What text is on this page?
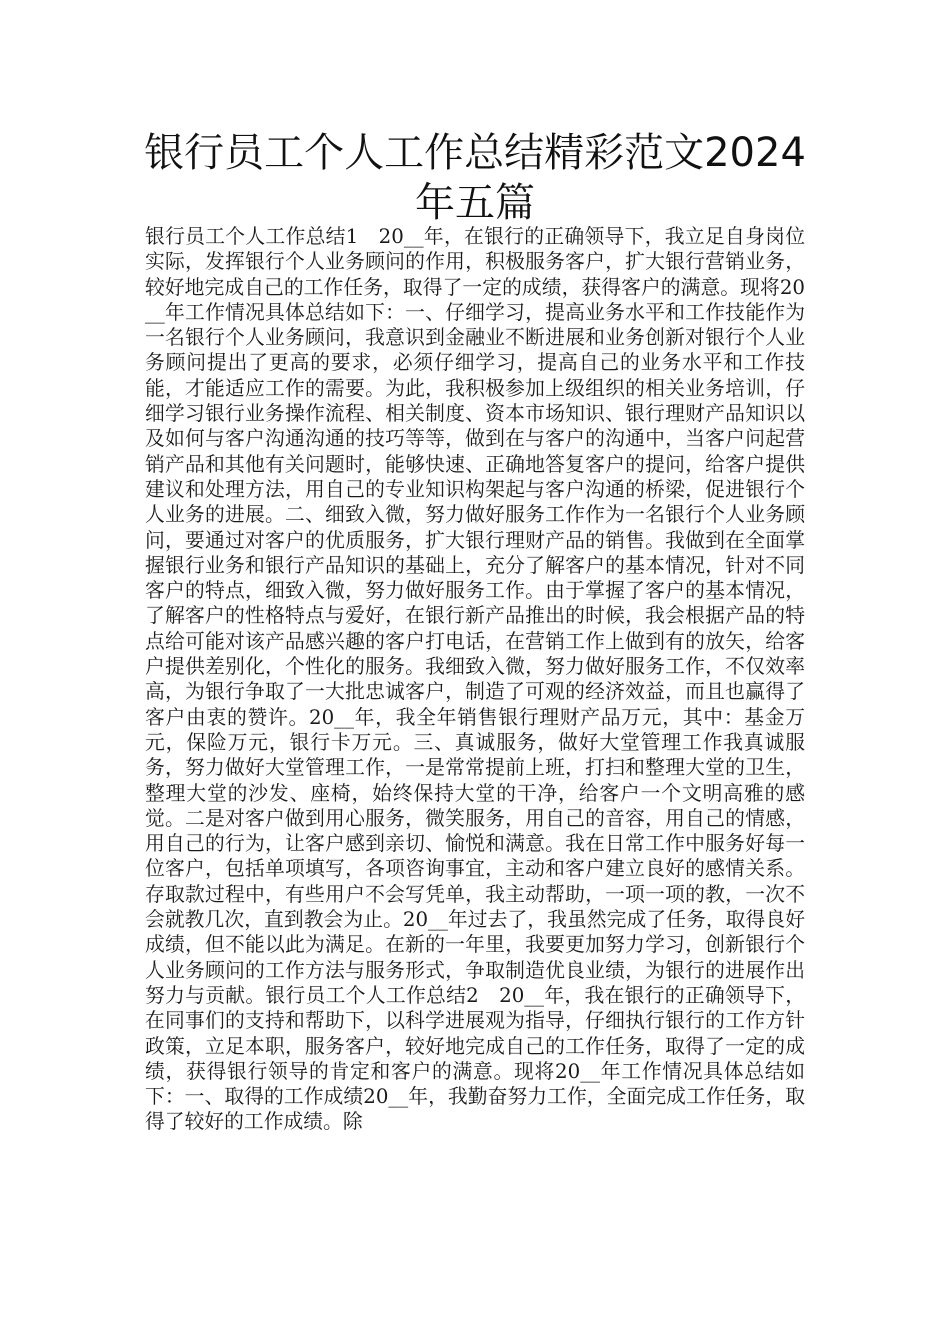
银行员工个人工作总结精彩范文2024年五篇

银行员工个人工作总结1　20__年，在银行的正确领导下，我立足自身岗位实际，发挥银行个人业务顾问的作用，积极服务客户，扩大银行营销业务，较好地完成自己的工作任务，取得了一定的成绩，获得客户的满意。现将20__年工作情况具体总结如下：一、仔细学习，提高业务水平和工作技能作为一名银行个人业务顾问，我意识到金融业不断进展和业务创新对银行个人业务顾问提出了更高的要求，必须仔细学习，提高自己的业务水平和工作技能，才能适应工作的需要。为此，我积极参加上级组织的相关业务培训，仔细学习银行业务操作流程、相关制度、资本市场知识、银行理财产品知识以及如何与客户沟通沟通的技巧等等，做到在与客户的沟通中，当客户问起营销产品和其他有关问题时，能够快速、正确地答复客户的提问，给客户提供建议和处理方法，用自己的专业知识构架起与客户沟通的桥梁，促进银行个人业务的进展。二、细致入微，努力做好服务工作作为一名银行个人业务顾问，要通过对客户的优质服务，扩大银行理财产品的销售。我做到在全面掌握银行业务和银行产品知识的基础上，充分了解客户的基本情况，针对不同客户的特点，细致入微，努力做好服务工作。由于掌握了客户的基本情况，了解客户的性格特点与爱好，在银行新产品推出的时候，我会根据产品的特点给可能对该产品感兴趣的客户打电话，在营销工作上做到有的放矢，给客户提供差别化，个性化的服务。我细致入微，努力做好服务工作，不仅效率高，为银行争取了一大批忠诚客户，制造了可观的经济效益，而且也赢得了客户由衷的赞许。20__年，我全年销售银行理财产品万元，其中：基金万元，保险万元，银行卡万元。三、真诚服务，做好大堂管理工作我真诚服务，努力做好大堂管理工作，一是常常提前上班，打扫和整理大堂的卫生，整理大堂的沙发、座椅，始终保持大堂的干净，给客户一个文明高雅的感觉。二是对客户做到用心服务，微笑服务，用自己的音容，用自己的情感，用自己的行为，让客户感到亲切、愉悦和满意。我在日常工作中服务好每一位客户，包括单项填写，各项咨询事宜，主动和客户建立良好的感情关系。存取款过程中，有些用户不会写凭单，我主动帮助，一项一项的教，一次不会就教几次，直到教会为止。20__年过去了，我虽然完成了任务，取得良好成绩，但不能以此为满足。在新的一年里，我要更加努力学习，创新银行个人业务顾问的工作方法与服务形式，争取制造优良业绩，为银行的进展作出努力与贡献。银行员工个人工作总结2　20__年，我在银行的正确领导下，在同事们的支持和帮助下，以科学进展观为指导，仔细执行银行的工作方针政策，立足本职，服务客户，较好地完成自己的工作任务，取得了一定的成绩，获得银行领导的肯定和客户的满意。现将20__年工作情况具体总结如下：一、取得的工作成绩20__年，我勤奋努力工作，全面完成工作任务，取得了较好的工作成绩。除
